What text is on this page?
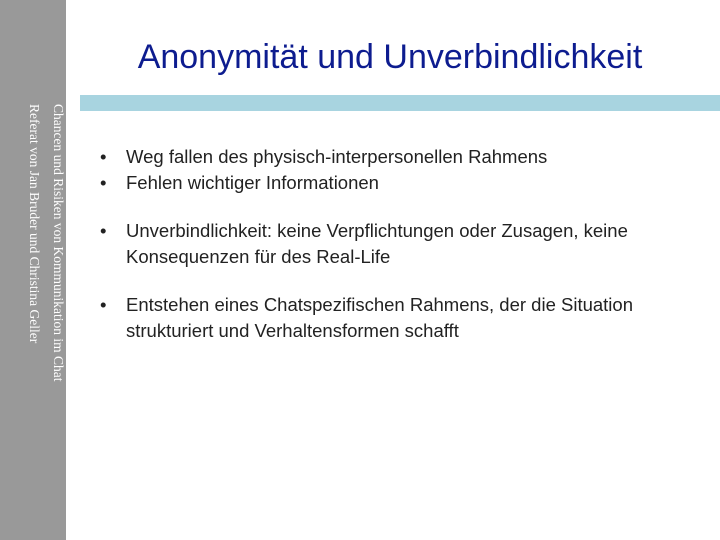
Chancen und Risiken von Kommunikation im Chat
Referat von Jan Bruder und Christina Geller
Anonymität und Unverbindlichkeit
• Weg fallen des physisch-interpersonellen Rahmens
• Fehlen wichtiger Informationen
• Unverbindlichkeit: keine Verpflichtungen oder Zusagen, keine Konsequenzen für des Real-Life
• Entstehen eines Chatspezifischen Rahmens, der die Situation strukturiert und Verhaltensformen schafft
